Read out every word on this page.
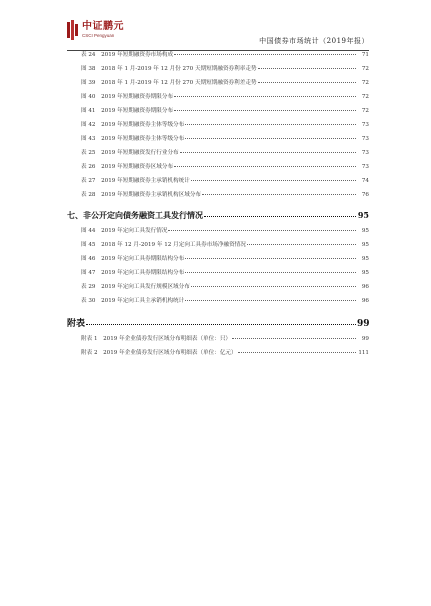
中证鹏元
CSCI Pengyuan
中国债券市场统计（2019年报）
表 24　2019 年短期融资券市场构成	71
图 38　2018 年 1 月-2019 年 12 月份 270 天期短期融资券利率走势	72
图 39　2018 年 1 月-2019 年 12 月份 270 天期短期融资券利差走势	72
图 40　2019 年短期融资券期限分布	72
图 41　2019 年短期融资券期限分布	72
图 42　2019 年短期融资券主体等级分布	73
图 43　2019 年短期融资券主体等级分布	73
表 25　2019 年短期融资发行行业分布	73
表 26　2019 年短期融资券区域分布	73
表 27　2019 年短期融资券主承销机构统计	74
表 28　2019 年短期融资券主承销机构区域分布	76
七、非公开定向债务融资工具发行情况	95
图 44　2019 年定向工具发行情况	95
图 45　2018 年 12 月-2019 年 12 月定向工具券市场净融资情况	95
图 46　2019 年定向工具券期限结构分布	95
图 47　2019 年定向工具券期限结构分布	95
表 29　2019 年定向工具发行规模区域分布	96
表 30　2019 年定向工具主承销机构统计	96
附表	99
附表 1　2019 年企业债券发行区域分布明细表（单位：只）	99
附表 2　2019 年企业债券发行区域分布明细表（单位：亿元）	111
